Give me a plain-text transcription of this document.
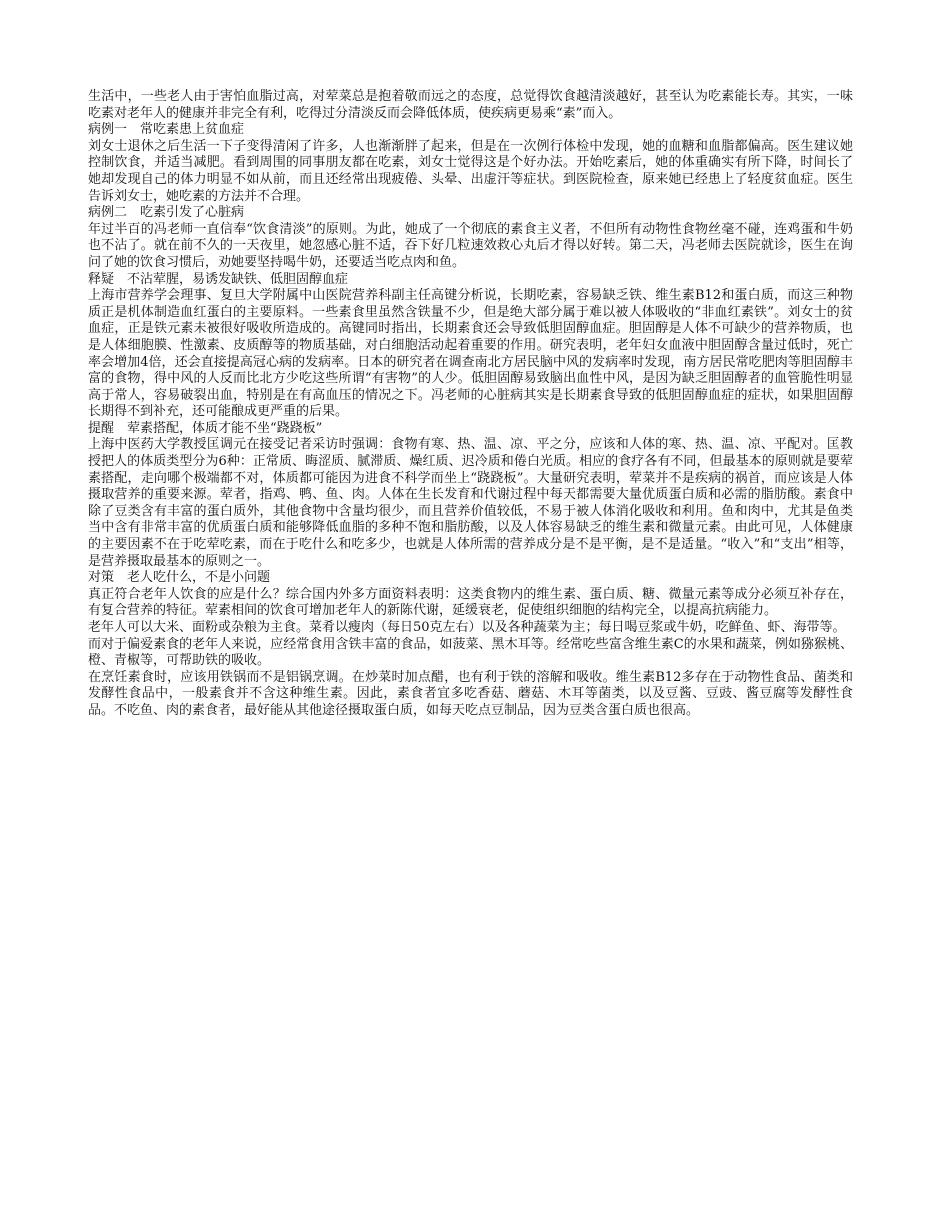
生活中，一些老人由于害怕血脂过高，对荤菜总是抱着敬而远之的态度，总觉得饮食越清淡越好，甚至认为吃素能长寿。其实，一味吃素对老年人的健康并非完全有利，吃得过分清淡反而会降低体质，使疾病更易乘“素”而入。

病例一　常吃素患上贫血症

刘女士退休之后生活一下子变得清闲了许多，人也渐渐胖了起来，但是在一次例行体检中发现，她的血糖和血脂都偏高。医生建议她控制饮食，并适当减肥。看到周围的同事朋友都在吃素，刘女士觉得这是个好办法。开始吃素后，她的体重确实有所下降，时间长了她却发现自己的体力明显不如从前，而且还经常出现疲倦、头晕、出虚汗等症状。到医院检查，原来她已经患上了轻度贫血症。医生告诉刘女士，她吃素的方法并不合理。

病例二　吃素引发了心脏病

年过半百的冯老师一直信奉“饮食清淡”的原则。为此，她成了一个彻底的素食主义者，不但所有动物性食物丝毫不碰，连鸡蛋和牛奶也不沾了。就在前不久的一天夜里，她忽感心脏不适，吞下好几粒速效救心丸后才得以好转。第二天，冯老师去医院就诊，医生在询问了她的饮食习惯后，劝她要坚持喝牛奶，还要适当吃点肉和鱼。

释疑　不沾荤腥，易诱发缺铁、低胆固醇血症

上海市营养学会理事、复旦大学附属中山医院营养科副主任高键分析说，长期吃素，容易缺乏铁、维生素B12和蛋白质，而这三种物质正是机体制造血红蛋白的主要原料。一些素食里虽然含铁量不少，但是绝大部分属于难以被人体吸收的“非血红素铁”。刘女士的贫血症，正是铁元素未被很好吸收所造成的。高键同时指出，长期素食还会导致低胆固醇血症。胆固醇是人体不可缺少的营养物质，也是人体细胞膜、性激素、皮质醇等的物质基础，对白细胞活动起着重要的作用。研究表明，老年妇女血液中胆固醇含量过低时，死亡率会增加4倍，还会直接提高冠心病的发病率。日本的研究者在调查南北方居民脑中风的发病率时发现，南方居民常吃肥肉等胆固醇丰富的食物，得中风的人反而比北方少吃这些所谓“有害物”的人少。低胆固醇易致脑出血性中风，是因为缺乏胆固醇者的血管脆性明显高于常人，容易破裂出血，特别是在有高血压的情况之下。冯老师的心脏病其实是长期素食导致的低胆固醇血症的症状，如果胆固醇长期得不到补充，还可能酿成更严重的后果。

提醒　荤素搭配，体质才能不坐“跷跷板”

上海中医药大学教授匡调元在接受记者采访时强调：食物有寒、热、温、凉、平之分，应该和人体的寒、热、温、凉、平配对。匡教授把人的体质类型分为6种：正常质、晦涩质、腻滞质、燥红质、迟冷质和倦白光质。相应的食疗各有不同，但最基本的原则就是要荤素搭配，走向哪个极端都不对，体质都可能因为进食不科学而坐上“跷跷板”。大量研究表明，荤菜并不是疾病的祸首，而应该是人体摄取营养的重要来源。荤者，指鸡、鸭、鱼、肉。人体在生长发育和代谢过程中每天都需要大量优质蛋白质和必需的脂肪酸。素食中除了豆类含有丰富的蛋白质外，其他食物中含量均很少，而且营养价值较低，不易于被人体消化吸收和利用。鱼和肉中，尤其是鱼类当中含有非常丰富的优质蛋白质和能够降低血脂的多种不饱和脂肪酸，以及人体容易缺乏的维生素和微量元素。由此可见，人体健康的主要因素不在于吃荤吃素，而在于吃什么和吃多少，也就是人体所需的营养成分是不是平衡，是不是适量。“收入”和“支出”相等，是营养摄取最基本的原则之一。

对策　老人吃什么，不是小问题

真正符合老年人饮食的应是什么？综合国内外多方面资料表明：这类食物内的维生素、蛋白质、糖、微量元素等成分必须互补存在，有复合营养的特征。荤素相间的饮食可增加老年人的新陈代谢，延缓衰老，促使组织细胞的结构完全，以提高抗病能力。

老年人可以大米、面粉或杂粮为主食。菜肴以瘦肉（每日50克左右）以及各种蔬菜为主；每日喝豆浆或牛奶，吃鲜鱼、虾、海带等。

而对于偏爱素食的老年人来说，应经常食用含铁丰富的食品，如菠菜、黑木耳等。经常吃些富含维生素C的水果和蔬菜，例如猕猴桃、橙、青椒等，可帮助铁的吸收。

在烹饪素食时，应该用铁锅而不是铝锅烹调。在炒菜时加点醋，也有利于铁的溶解和吸收。维生素B12多存在于动物性食品、菌类和发酵性食品中，一般素食并不含这种维生素。因此，素食者宜多吃香菇、蘑菇、木耳等菌类，以及豆酱、豆豉、酱豆腐等发酵性食品。不吃鱼、肉的素食者，最好能从其他途径摄取蛋白质，如每天吃点豆制品，因为豆类含蛋白质也很高。
